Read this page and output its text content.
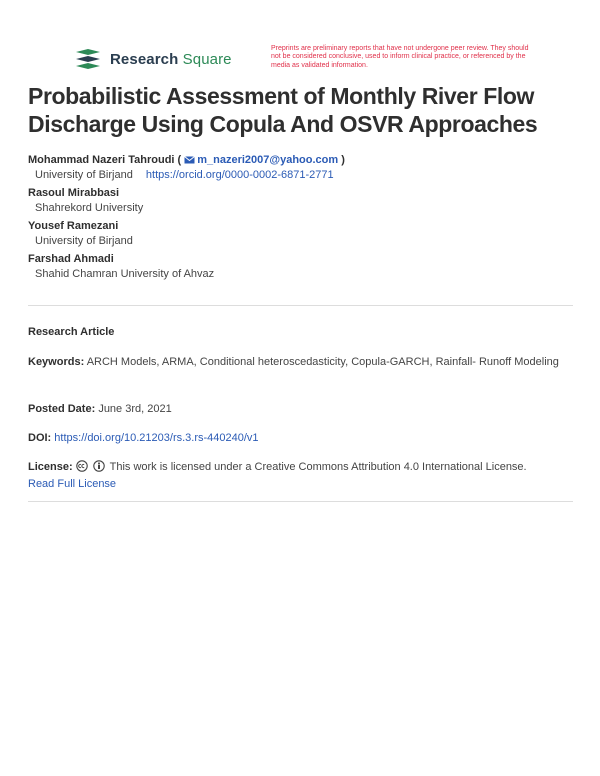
Research Square
Preprints are preliminary reports that have not undergone peer review. They should not be considered conclusive, used to inform clinical practice, or referenced by the media as validated information.
Probabilistic Assessment of Monthly River Flow Discharge Using Copula And OSVR Approaches
Mohammad Nazeri Tahroudi ( m_nazeri2007@yahoo.com )
University of Birjand https://orcid.org/0000-0002-6871-2771
Rasoul Mirabbasi
Shahrekord University
Yousef Ramezani
University of Birjand
Farshad Ahmadi
Shahid Chamran University of Ahvaz
Research Article
Keywords: ARCH Models, ARMA, Conditional heteroscedasticity, Copula-GARCH, Rainfall- Runoff Modeling
Posted Date: June 3rd, 2021
DOI: https://doi.org/10.21203/rs.3.rs-440240/v1
License:	This work is licensed under a Creative Commons Attribution 4.0 International License.
Read Full License
